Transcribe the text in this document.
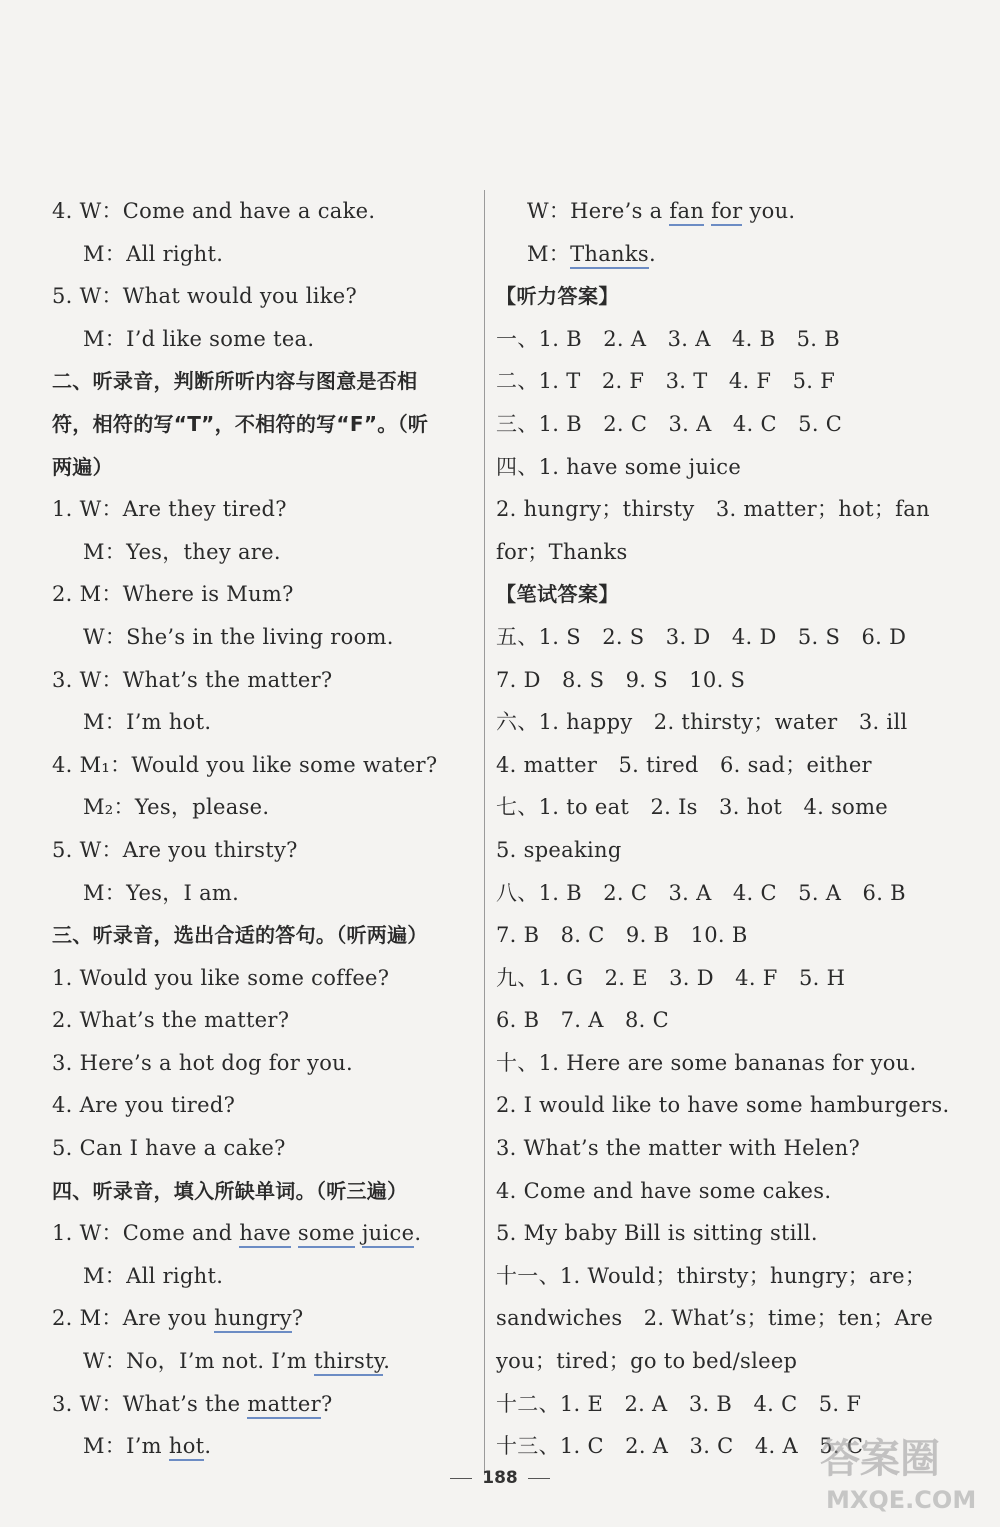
4. W：Come and have a cake.
M：All right.
5. W：What would you like?
M：I’d like some tea.
二、听录音，判断所听内容与图意是否相
符，相符的写“T”，不相符的写“F”。（听
两遍）
1. W：Are they tired?
M：Yes，they are.
2. M：Where is Mum?
W：She’s in the living room.
3. W：What’s the matter?
M：I’m hot.
4. M₁：Would you like some water?
M₂：Yes，please.
5. W：Are you thirsty?
M：Yes，I am.
三、听录音，选出合适的答句。（听两遍）
1. Would you like some coffee?
2. What’s the matter?
3. Here’s a hot dog for you.
4. Are you tired?
5. Can I have a cake?
四、听录音，填入所缺单词。（听三遍）
1. W：Come and have some juice.
M：All right.
2. M：Are you hungry?
W：No，I’m not. I’m thirsty.
3. W：What’s the matter?
M：I’m hot.
W：Here’s a fan for you.
M：Thanks.
【听力答案】
一、1. B　2. A　3. A　4. B　5. B
二、1. T　2. F　3. T　4. F　5. F
三、1. B　2. C　3. A　4. C　5. C
四、1. have some juice
2. hungry；thirsty　3. matter；hot；fan
for；Thanks
【笔试答案】
五、1. S　2. S　3. D　4. D　5. S　6. D
7. D　8. S　9. S　10. S
六、1. happy　2. thirsty；water　3. ill
4. matter　5. tired　6. sad；either
七、1. to eat　2. Is　3. hot　4. some
5. speaking
八、1. B　2. C　3. A　4. C　5. A　6. B
7. B　8. C　9. B　10. B
九、1. G　2. E　3. D　4. F　5. H
6. B　7. A　8. C
十、1. Here are some bananas for you.
2. I would like to have some hamburgers.
3. What’s the matter with Helen?
4. Come and have some cakes.
5. My baby Bill is sitting still.
十一、1. Would；thirsty；hungry；are；
sandwiches　2. What’s；time；ten；Are
you；tired；go to bed/sleep
十二、1. E　2. A　3. B　4. C　5. F
十三、1. C　2. A　3. C　4. A　5. C
188	答案圈
MXQE.COM
